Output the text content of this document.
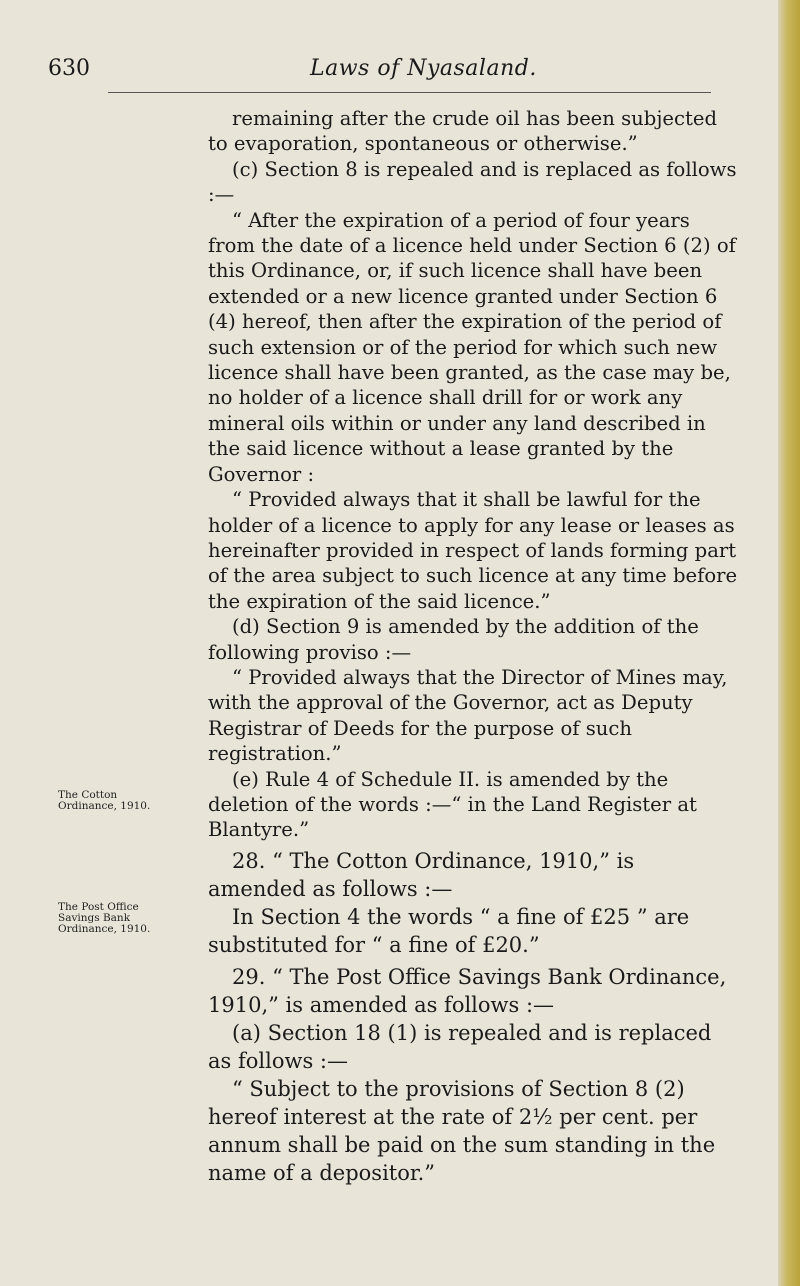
630	Laws of Nyasaland.
The Cotton
Ordinance, 1910.
The Post Office
Savings Bank
Ordinance, 1910.

remaining after the crude oil has been subjected to evaporation, spontaneous or otherwise.”

(c) Section 8 is repealed and is replaced as follows :—

“ After the expiration of a period of four years from the date of a licence held under Section 6 (2) of this Ordinance, or, if such licence shall have been extended or a new licence granted under Section 6 (4) hereof, then after the expiration of the period of such extension or of the period for which such new licence shall have been granted, as the case may be, no holder of a licence shall drill for or work any mineral oils within or under any land described in the said licence without a lease granted by the Governor :

“ Provided always that it shall be lawful for the holder of a licence to apply for any lease or leases as hereinafter provided in respect of lands forming part of the area subject to such licence at any time before the expiration of the said licence.”

(d) Section 9 is amended by the addition of the following proviso :—

“ Provided always that the Director of Mines may, with the approval of the Governor, act as Deputy Registrar of Deeds for the purpose of such registration.”

(e) Rule 4 of Schedule II. is amended by the deletion of the words :—“ in the Land Register at Blantyre.”

28. “ The Cotton Ordinance, 1910,” is amended as follows :—

In Section 4 the words “ a fine of £25 ” are substituted for “ a fine of £20.”

29. “ The Post Office Savings Bank Ordinance, 1910,” is amended as follows :—

(a) Section 18 (1) is repealed and is replaced as follows :—

“ Subject to the provisions of Section 8 (2) hereof interest at the rate of 2½ per cent. per annum shall be paid on the sum standing in the name of a depositor.”
